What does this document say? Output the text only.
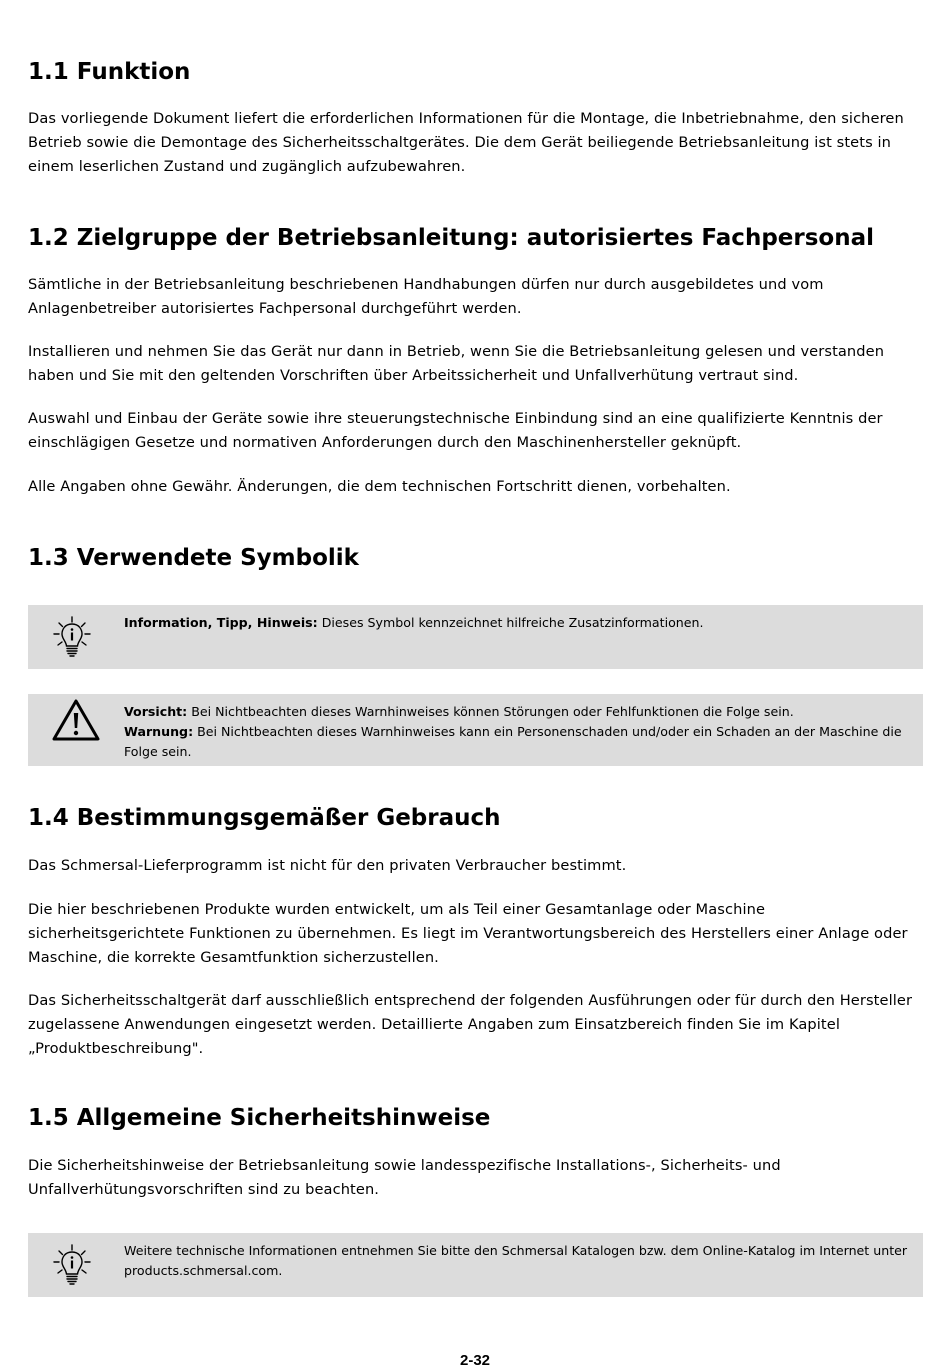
1.1 Funktion

Das vorliegende Dokument liefert die erforderlichen Informationen für die Montage, die Inbetriebnahme, den sicheren Betrieb sowie die Demontage des Sicherheitsschaltgerätes. Die dem Gerät beiliegende Betriebsanleitung ist stets in einem leserlichen Zustand und zugänglich aufzubewahren.

1.2 Zielgruppe der Betriebsanleitung: autorisiertes Fachpersonal

Sämtliche in der Betriebsanleitung beschriebenen Handhabungen dürfen nur durch ausgebildetes und vom Anlagenbetreiber autorisiertes Fachpersonal durchgeführt werden.

Installieren und nehmen Sie das Gerät nur dann in Betrieb, wenn Sie die Betriebsanleitung gelesen und verstanden haben und Sie mit den geltenden Vorschriften über Arbeitssicherheit und Unfallverhütung vertraut sind.

Auswahl und Einbau der Geräte sowie ihre steuerungstechnische Einbindung sind an eine qualifizierte Kenntnis der einschlägigen Gesetze und normativen Anforderungen durch den Maschinenhersteller geknüpft.

Alle Angaben ohne Gewähr. Änderungen, die dem technischen Fortschritt dienen, vorbehalten.

1.3 Verwendete Symbolik
Information, Tipp, Hinweis: Dieses Symbol kennzeichnet hilfreiche Zusatzinformationen.
Vorsicht: Bei Nichtbeachten dieses Warnhinweises können Störungen oder Fehlfunktionen die Folge sein.
Warnung: Bei Nichtbeachten dieses Warnhinweises kann ein Personenschaden und/oder ein Schaden an der Maschine die Folge sein.
1.4 Bestimmungsgemäßer Gebrauch

Das Schmersal-Lieferprogramm ist nicht für den privaten Verbraucher bestimmt.

Die hier beschriebenen Produkte wurden entwickelt, um als Teil einer Gesamtanlage oder Maschine sicherheitsgerichtete Funktionen zu übernehmen. Es liegt im Verantwortungsbereich des Herstellers einer Anlage oder Maschine, die korrekte Gesamtfunktion sicherzustellen.

Das Sicherheitsschaltgerät darf ausschließlich entsprechend der folgenden Ausführungen oder für durch den Hersteller zugelassene Anwendungen eingesetzt werden. Detaillierte Angaben zum Einsatzbereich finden Sie im Kapitel „Produktbeschreibung".

1.5 Allgemeine Sicherheitshinweise

Die Sicherheitshinweise der Betriebsanleitung sowie landesspezifische Installations-, Sicherheits- und Unfallverhütungsvorschriften sind zu beachten.

Weitere technische Informationen entnehmen Sie bitte den Schmersal Katalogen bzw. dem Online-Katalog im Internet unter products.schmersal.com.
2-32
